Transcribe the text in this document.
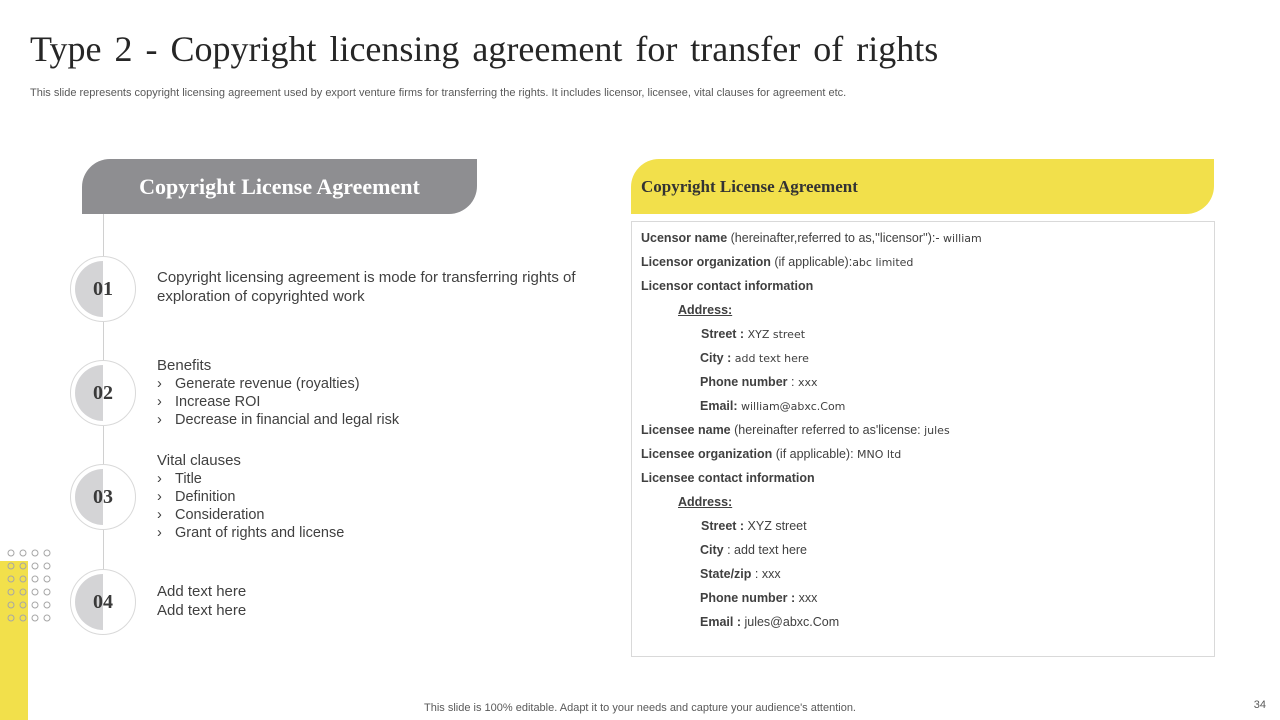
Type 2 - Copyright licensing agreement for transfer of rights
This slide represents copyright licensing agreement used by export venture firms for transferring the rights. It includes licensor, licensee, vital clauses for agreement etc.
Copyright License Agreement
01	Copyright licensing agreement is mode for transferring rights of exploration of copyrighted work
02
Benefits
› Generate revenue (royalties)
› Increase ROI
› Decrease in financial and legal risk
03
Vital clauses
› Title
› Definition
› Consideration
› Grant of rights and license
04	Add text here
Add text here
Copyright License Agreement
Ucensor name (hereinafter,referred to as,''licensor''):- william
Licensor organization (if applicable):abc limited
Licensor contact information
Address:
Street : XYZ street
City : add text here
Phone number : xxx
Email: william@abxc.Com
Licensee name (hereinafter referred to as'license: jules
Licensee organization (if applicable): MNO ltd
Licensee contact information
Address:
Street : XYZ street
City : add text here
State/zip : xxx
Phone number : xxx
Email : jules@abxc.Com
This slide is 100% editable. Adapt it to your needs and capture your audience's attention.	34
